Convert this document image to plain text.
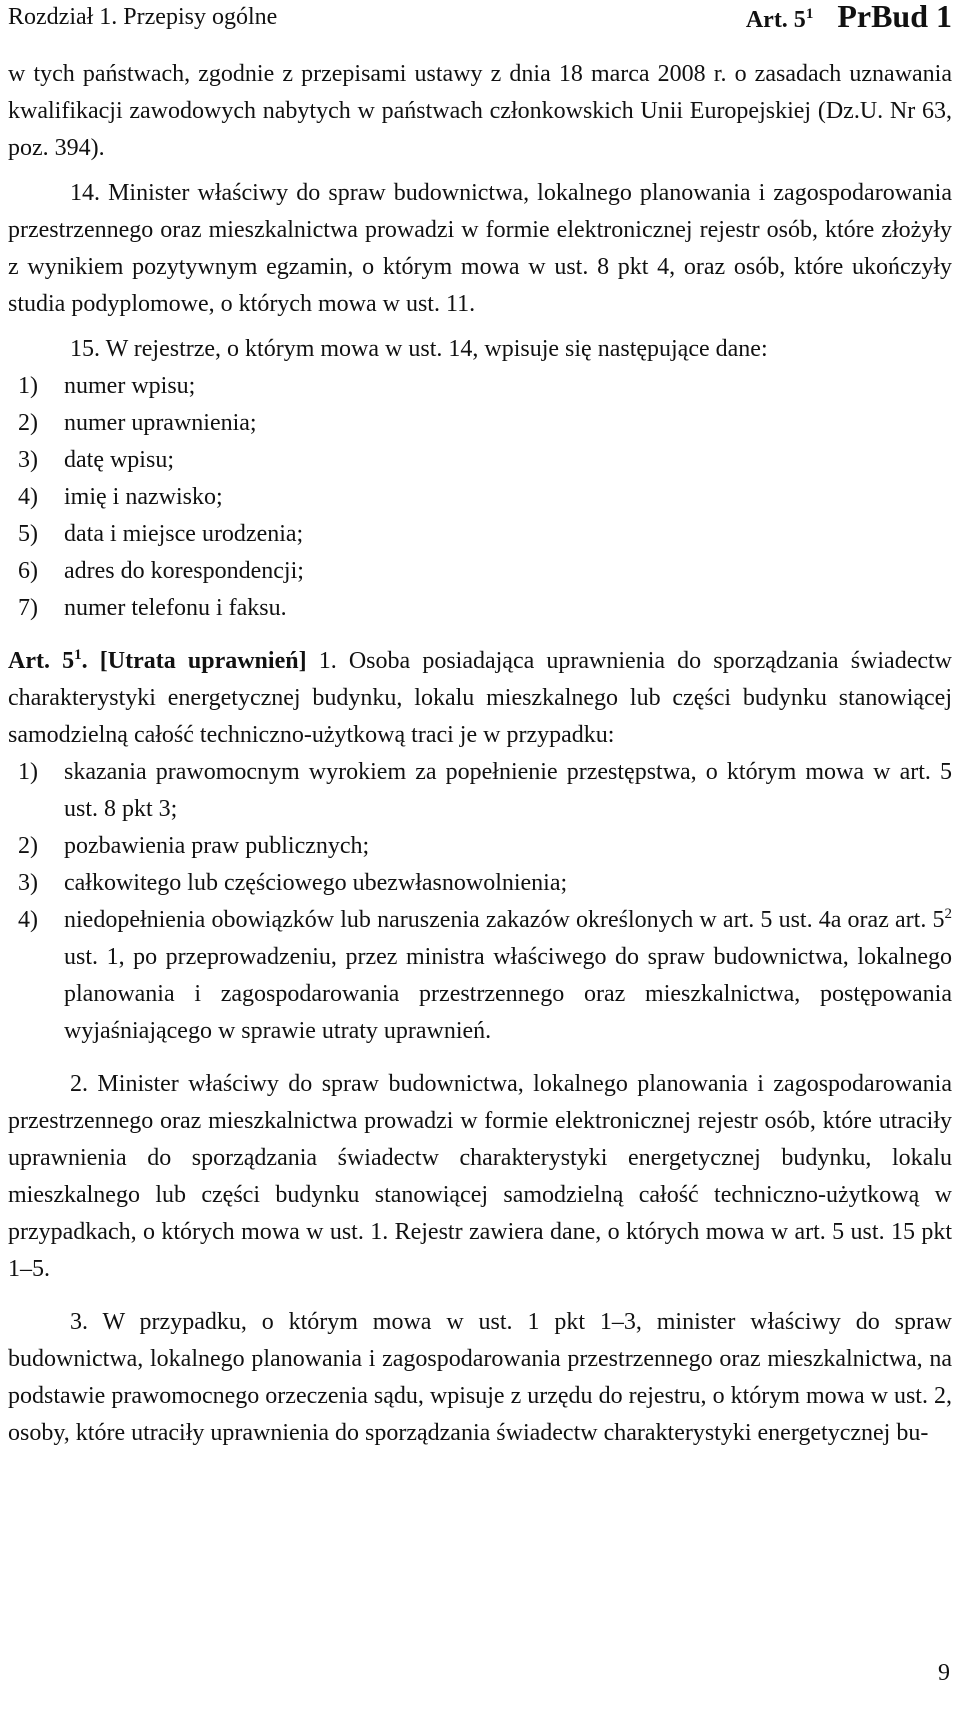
Rozdział 1. Przepisy ogólne	Art. $5^1$ PrBud 1

w tych państwach, zgodnie z przepisami ustawy z dnia 18 marca 2008 r. o zasadach uznawania kwalifikacji zawodowych nabytych w państwach członkowskich Unii Europejskiej (Dz.U. Nr 63, poz. 394).

14. Minister właściwy do spraw budownictwa, lokalnego planowania i zagospodarowania przestrzennego oraz mieszkalnictwa prowadzi w formie elektronicznej rejestr osób, które złożyły z wynikiem pozytywnym egzamin, o którym mowa w ust. 8 pkt 4, oraz osób, które ukończyły studia podyplomowe, o których mowa w ust. 11.

15. W rejestrze, o którym mowa w ust. 14, wpisuje się następujące dane:

1) numer wpisu;
2) numer uprawnienia;
3) datę wpisu;
4) imię i nazwisko;
5) data i miejsce urodzenia;
6) adres do korespondencji;
7) numer telefonu i faksu.

Art. $5^1$. [Utrata uprawnień] 1. Osoba posiadająca uprawnienia do sporządzania świadectw charakterystyki energetycznej budynku, lokalu mieszkalnego lub części budynku stanowiącej samodzielną całość techniczno-użytkową traci je w przypadku:

1) skazania prawomocnym wyrokiem za popełnienie przestępstwa, o którym mowa w art. 5 ust. 8 pkt 3;
2) pozbawienia praw publicznych;
3) całkowitego lub częściowego ubezwłasnowolnienia;
4) niedopełnienia obowiązków lub naruszenia zakazów określonych w art. 5 ust. 4a oraz art. $5^2$ ust. 1, po przeprowadzeniu, przez ministra właściwego do spraw budownictwa, lokalnego planowania i zagospodarowania przestrzennego oraz mieszkalnictwa, postępowania wyjaśniającego w sprawie utraty uprawnień.

2. Minister właściwy do spraw budownictwa, lokalnego planowania i zagospodarowania przestrzennego oraz mieszkalnictwa prowadzi w formie elektronicznej rejestr osób, które utraciły uprawnienia do sporządzania świadectw charakterystyki energetycznej budynku, lokalu mieszkalnego lub części budynku stanowiącej samodzielną całość techniczno-użytkową w przypadkach, o których mowa w ust. 1. Rejestr zawiera dane, o których mowa w art. 5 ust. 15 pkt 1–5.

3. W przypadku, o którym mowa w ust. 1 pkt 1–3, minister właściwy do spraw budownictwa, lokalnego planowania i zagospodarowania przestrzennego oraz mieszkalnictwa, na podstawie prawomocnego orzeczenia sądu, wpisuje z urzędu do rejestru, o którym mowa w ust. 2, osoby, które utraciły uprawnienia do sporządzania świadectw charakterystyki energetycznej bu-

9
